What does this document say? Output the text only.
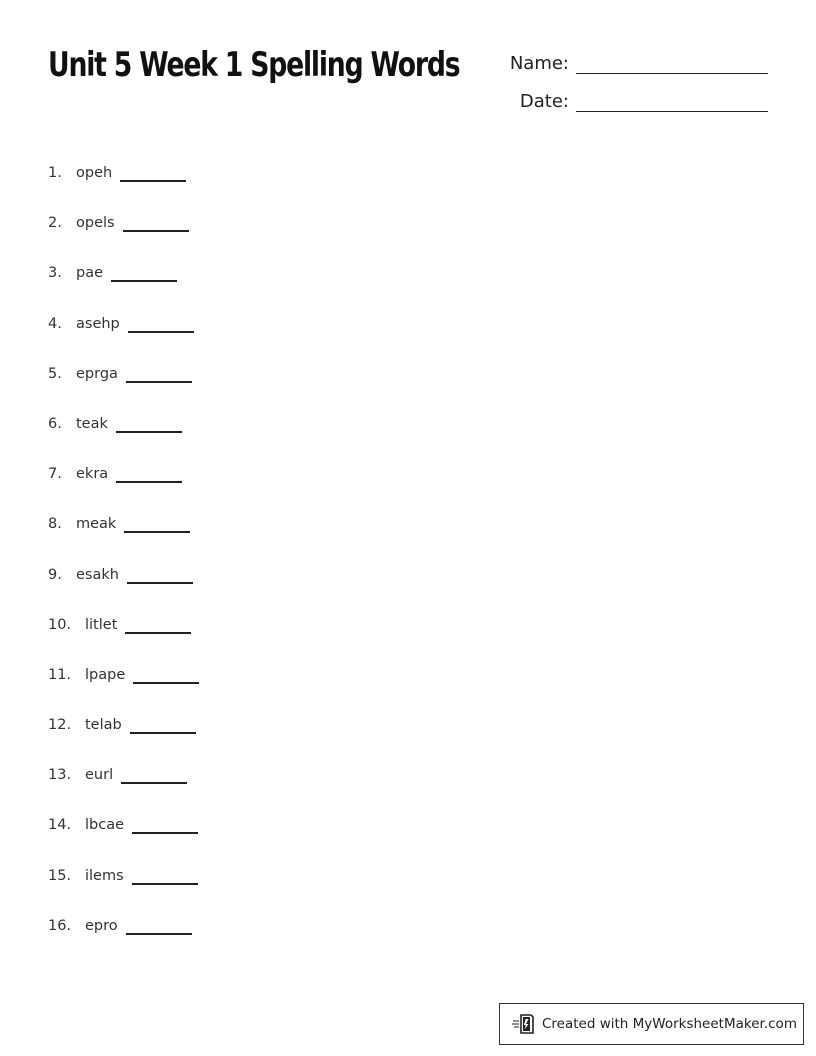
Unit 5 Week 1 Spelling Words	Name:
Date:
1. opeh
2. opels
3. pae
4. asehp
5. eprga
6. teak
7. ekra
8. meak
9. esakh
10. litlet
11. lpape
12. telab
13. eurl
14. lbcae
15. ilems
16. epro
Created with MyWorksheetMaker.com
